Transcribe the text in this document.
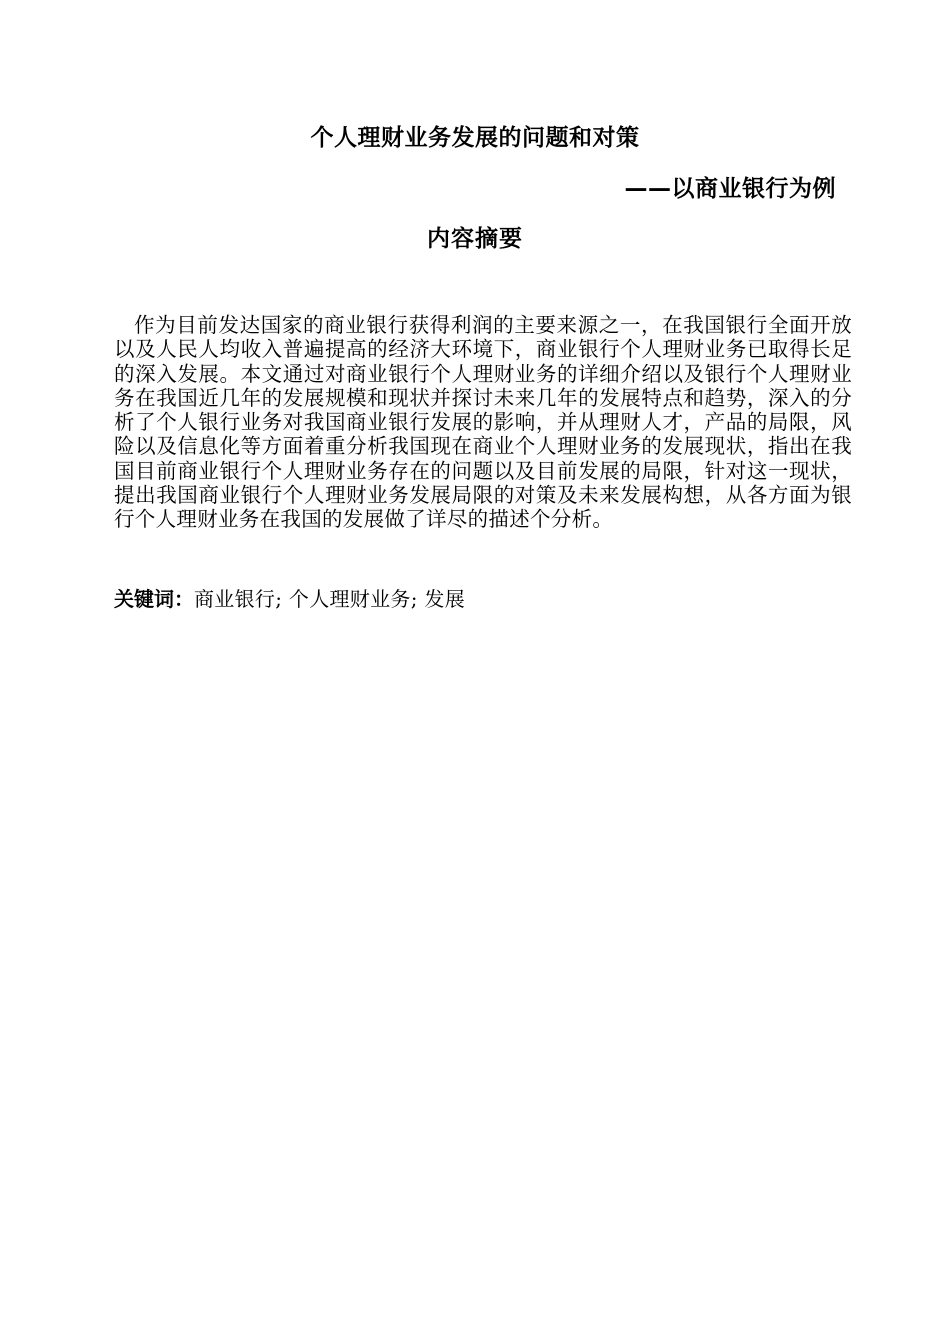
个人理财业务发展的问题和对策
——以商业银行为例
内容摘要

作为目前发达国家的商业银行获得利润的主要来源之一，在我国银行全面开放以及人民人均收入普遍提高的经济大环境下，商业银行个人理财业务已取得长足的深入发展。本文通过对商业银行个人理财业务的详细介绍以及银行个人理财业务在我国近几年的发展规模和现状并探讨未来几年的发展特点和趋势，深入的分析了个人银行业务对我国商业银行发展的影响，并从理财人才，产品的局限，风险以及信息化等方面着重分析我国现在商业个人理财业务的发展现状，指出在我国目前商业银行个人理财业务存在的问题以及目前发展的局限，针对这一现状，提出我国商业银行个人理财业务发展局限的对策及未来发展构想，从各方面为银行个人理财业务在我国的发展做了详尽的描述个分析。

关键词：商业银行; 个人理财业务; 发展
